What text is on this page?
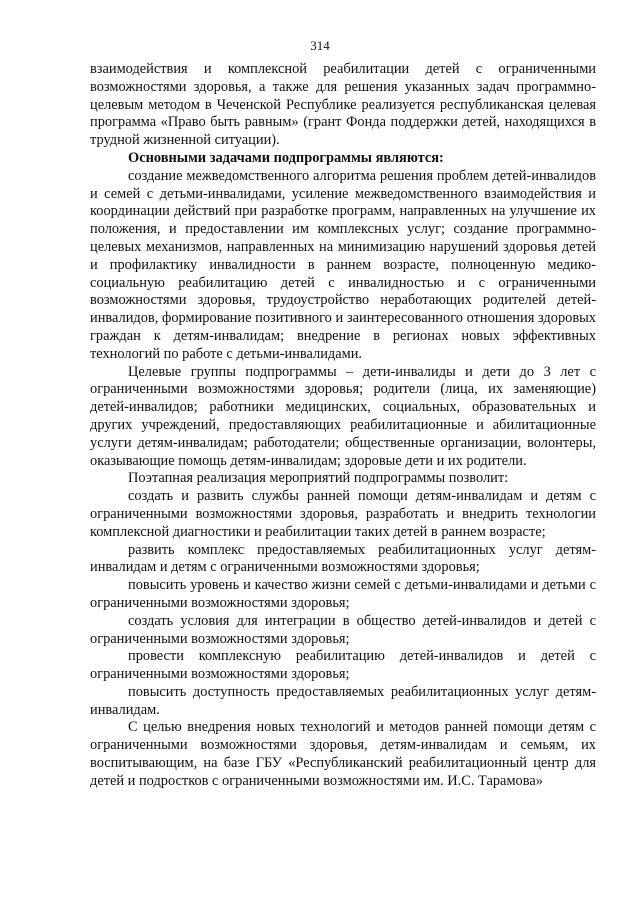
314

взаимодействия и комплексной реабилитации детей с ограниченными возможностями здоровья, а также для решения указанных задач программно-целевым методом в Чеченской Республике реализуется республиканская целевая программа «Право быть равным» (грант Фонда поддержки детей, находящихся в трудной жизненной ситуации).

Основными задачами подпрограммы являются:

создание межведомственного алгоритма решения проблем детей-инвалидов и семей с детьми-инвалидами, усиление межведомственного взаимодействия и координации действий при разработке программ, направленных на улучшение их положения, и предоставлении им комплексных услуг; создание программно-целевых механизмов, направленных на минимизацию нарушений здоровья детей и профилактику инвалидности в раннем возрасте, полноценную медико-социальную реабилитацию детей с инвалидностью и с ограниченными возможностями здоровья, трудоустройство неработающих родителей детей-инвалидов, формирование позитивного и заинтересованного отношения здоровых граждан к детям-инвалидам; внедрение в регионах новых эффективных технологий по работе с детьми-инвалидами.

Целевые группы подпрограммы – дети-инвалиды и дети до 3 лет с ограниченными возможностями здоровья; родители (лица, их заменяющие) детей-инвалидов; работники медицинских, социальных, образовательных и других учреждений, предоставляющих реабилитационные и абилитационные услуги детям-инвалидам; работодатели; общественные организации, волонтеры, оказывающие помощь детям-инвалидам; здоровые дети и их родители.

Поэтапная реализация мероприятий подпрограммы позволит:

создать и развить службы ранней помощи детям-инвалидам и детям с ограниченными возможностями здоровья, разработать и внедрить технологии комплексной диагностики и реабилитации таких детей в раннем возрасте;

развить комплекс предоставляемых реабилитационных услуг детям-инвалидам и детям с ограниченными возможностями здоровья;

повысить уровень и качество жизни семей с детьми-инвалидами и детьми с ограниченными возможностями здоровья;

создать условия для интеграции в общество детей-инвалидов и детей с ограниченными возможностями здоровья;

провести комплексную реабилитацию детей-инвалидов и детей с ограниченными возможностями здоровья;

повысить доступность предоставляемых реабилитационных услуг детям-инвалидам.

С целью внедрения новых технологий и методов ранней помощи детям с ограниченными возможностями здоровья, детям-инвалидам и семьям, их воспитывающим, на базе ГБУ «Республиканский реабилитационный центр для детей и подростков с ограниченными возможностями им. И.С. Тарамова»
